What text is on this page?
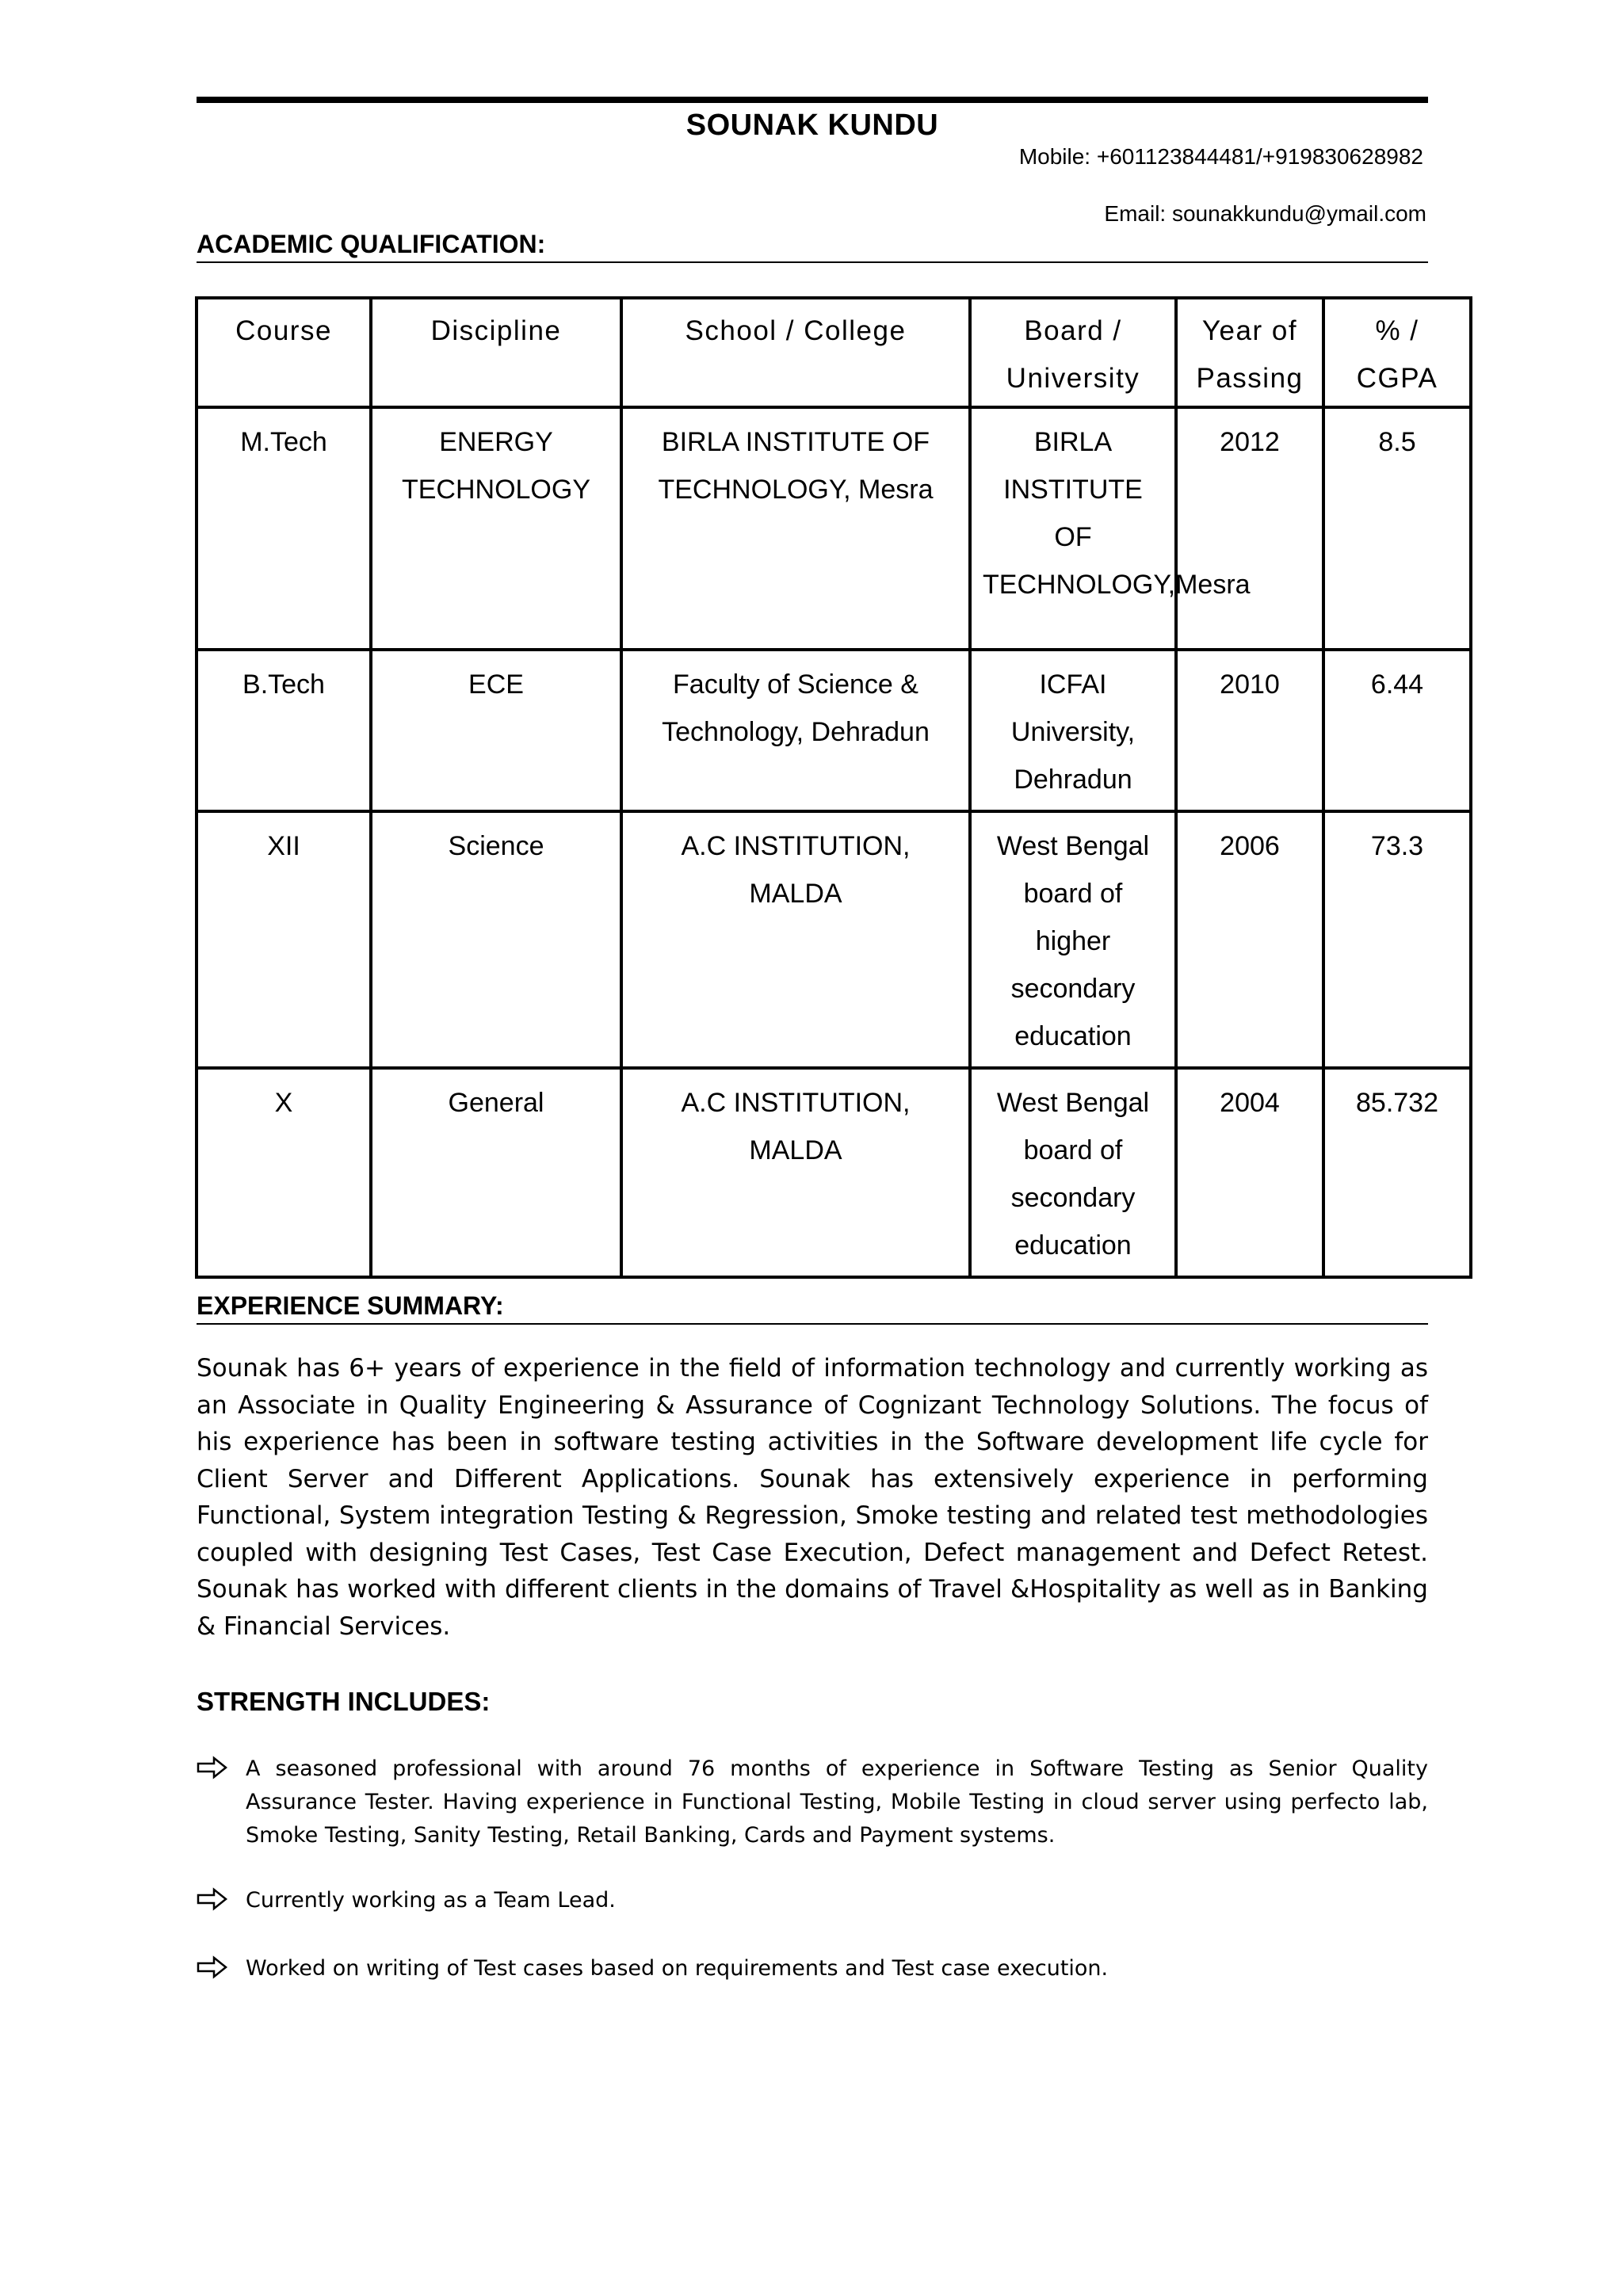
SOUNAK KUNDU
Mobile: +601123844481/+919830628982
Email: sounakkundu@ymail.com
ACADEMIC QUALIFICATION:
Course	Discipline	School / College	Board / University	Year of Passing	% / CGPA
M.Tech	ENERGY TECHNOLOGY	BIRLA INSTITUTE OF TECHNOLOGY, Mesra	BIRLA INSTITUTE OF TECHNOLOGY,Mesra	2012	8.5
B.Tech	ECE	Faculty of Science & Technology, Dehradun	ICFAI University, Dehradun	2010	6.44
XII	Science	A.C INSTITUTION, MALDA	West Bengal board of higher secondary education	2006	73.3
X	General	A.C INSTITUTION, MALDA	West Bengal board of secondary education	2004	85.732
EXPERIENCE SUMMARY:
Sounak has 6+ years of experience in the field of information technology and currently working as an Associate in Quality Engineering & Assurance of Cognizant Technology Solutions. The focus of his experience has been in software testing activities in the Software development life cycle for Client Server and Different Applications. Sounak has extensively experience in performing Functional, System integration Testing & Regression, Smoke testing and related test methodologies coupled with designing Test Cases, Test Case Execution, Defect management and Defect Retest. Sounak has worked with different clients in the domains of Travel &Hospitality as well as in Banking & Financial Services.
STRENGTH INCLUDES:
A seasoned professional with around 76 months of experience in Software Testing as Senior Quality Assurance Tester. Having experience in Functional Testing, Mobile Testing in cloud server using perfecto lab, Smoke Testing, Sanity Testing, Retail Banking, Cards and Payment systems.
Currently working as a Team Lead.
Worked on writing of Test cases based on requirements and Test case execution.
